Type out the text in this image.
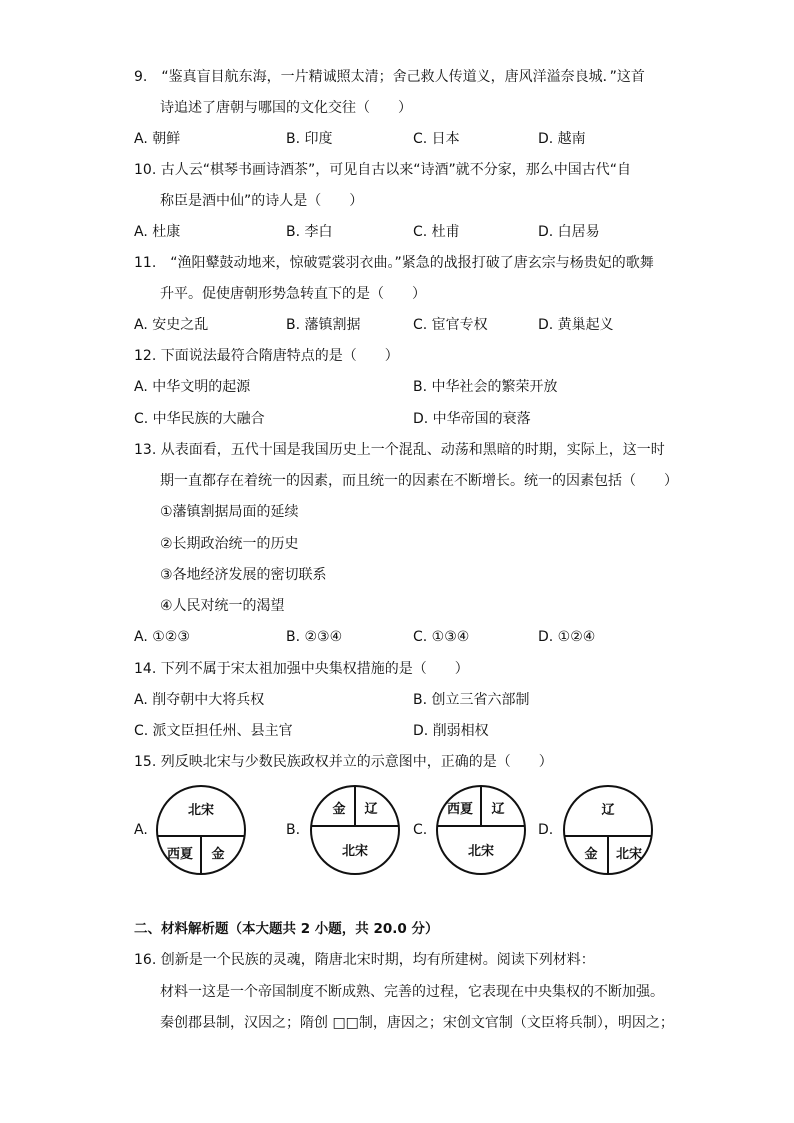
9.　“鉴真盲目航东海，一片精诚照太清；舍己救人传道义，唐风洋溢奈良城．”这首
诗追述了唐朝与哪国的文化交往（　　）
A. 朝鲜	B. 印度	C. 日本	D. 越南
10. 古人云“棋琴书画诗酒茶”，可见自古以来“诗酒”就不分家，那么中国古代“自
称臣是酒中仙”的诗人是（　　）
A. 杜康	B. 李白	C. 杜甫	D. 白居易
11.　“渔阳鼙鼓动地来，惊破霓裳羽衣曲。”紧急的战报打破了唐玄宗与杨贵妃的歌舞
升平。促使唐朝形势急转直下的是（　　）
A. 安史之乱	B. 藩镇割据	C. 宦官专权	D. 黄巢起义
12. 下面说法最符合隋唐特点的是（　　）
A. 中华文明的起源	B. 中华社会的繁荣开放
C. 中华民族的大融合	D. 中华帝国的衰落
13. 从表面看，五代十国是我国历史上一个混乱、动荡和黑暗的时期，实际上，这一时
期一直都存在着统一的因素，而且统一的因素在不断增长。统一的因素包括（　　）
①藩镇割据局面的延续
②长期政治统一的历史
③各地经济发展的密切联系
④人民对统一的渴望
A. ①②③	B. ②③④	C. ①③④	D. ①②④
14. 下列不属于宋太祖加强中央集权措施的是（　　）
A. 削夺朝中大将兵权	B. 创立三省六部制
C. 派文臣担任州、县主官	D. 削弱相权
15. 列反映北宋与少数民族政权并立的示意图中，正确的是（　　）
A.	B.	C.	D.
北宋
西夏 金
金 辽
北宋
西夏 辽
北宋
辽
金 北宋
二、材料解析题（本大题共 2 小题，共 20.0 分）
16. 创新是一个民族的灵魂，隋唐北宋时期，均有所建树。阅读下列材料：
材料一这是一个帝国制度不断成熟、完善的过程，它表现在中央集权的不断加强。
秦创郡县制，汉因之；隋创 □□制，唐因之；宋创文官制（文臣将兵制），明因之；
